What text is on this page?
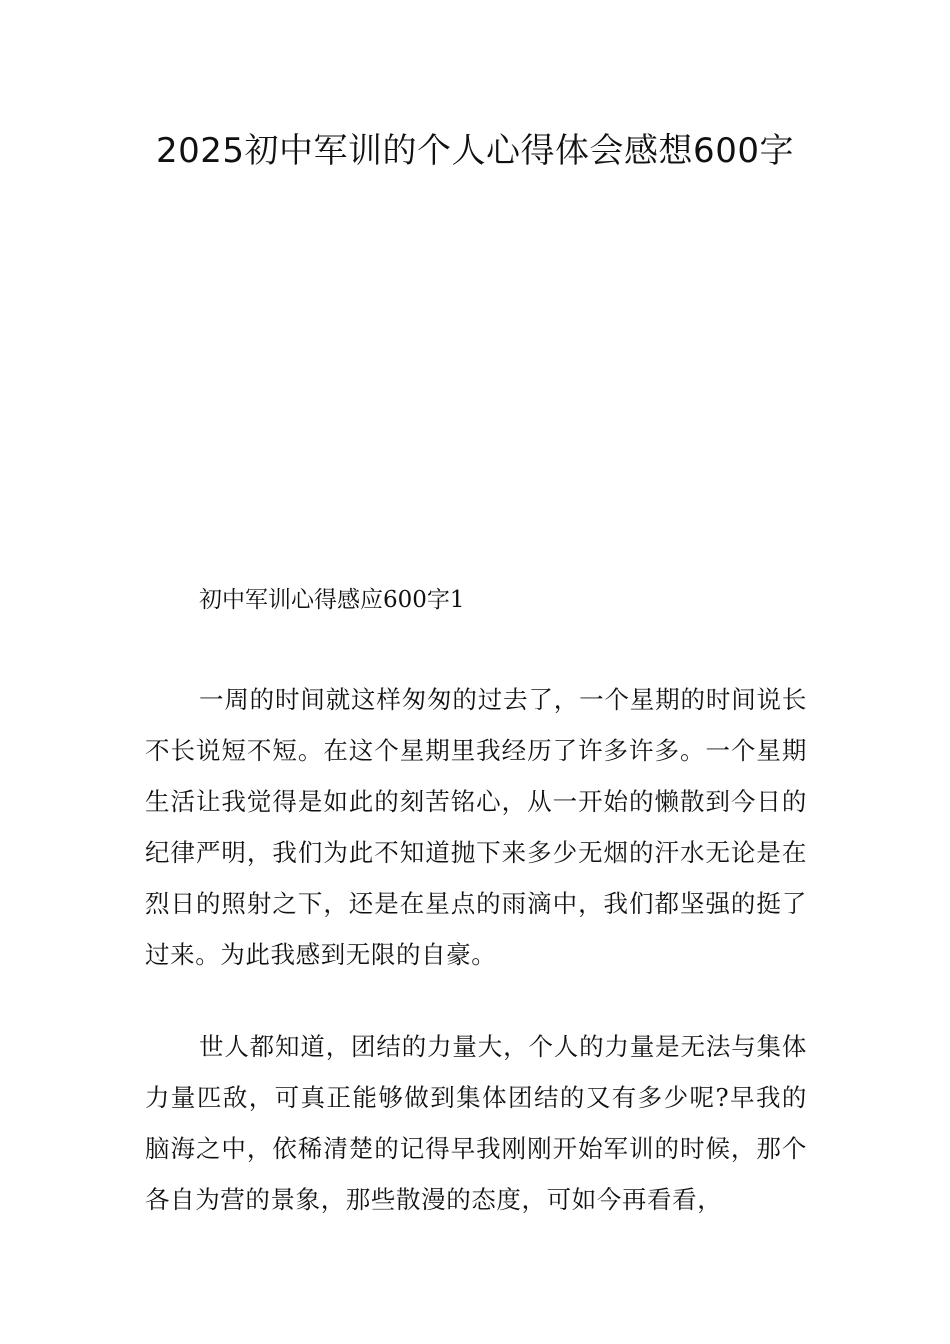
2025初中军训的个人心得体会感想600字

初中军训心得感应600字1

一周的时间就这样匆匆的过去了，一个星期的时间说长不长说短不短。在这个星期里我经历了许多许多。一个星期生活让我觉得是如此的刻苦铭心，从一开始的懒散到今日的纪律严明，我们为此不知道抛下来多少无烟的汗水无论是在烈日的照射之下，还是在星点的雨滴中，我们都坚强的挺了过来。为此我感到无限的自豪。

世人都知道，团结的力量大，个人的力量是无法与集体力量匹敌，可真正能够做到集体团结的又有多少呢?早我的脑海之中，依稀清楚的记得早我刚刚开始军训的时候，那个各自为营的景象，那些散漫的态度，可如今再看看，
